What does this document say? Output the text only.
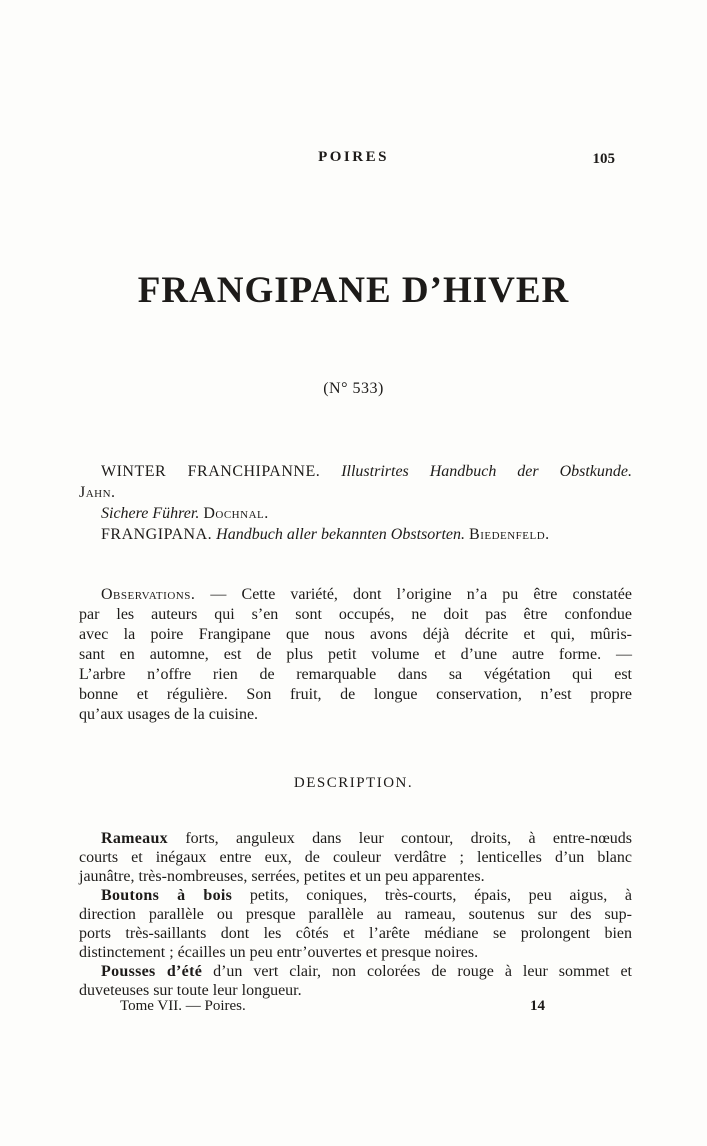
POIRES	105
FRANGIPANE D’HIVER
(N° 533)
WINTER FRANCHIPANNE. Illustrirtes Handbuch der Obstkunde.
Jahn.
Sichere Führer. Dochnal.
FRANGIPANA. Handbuch aller bekannten Obstsorten. Biedenfeld.
Observations. — Cette variété, dont l’origine n’a pu être constatée
par les auteurs qui s’en sont occupés, ne doit pas être confondue
avec la poire Frangipane que nous avons déjà décrite et qui, mûris-
sant en automne, est de plus petit volume et d’une autre forme. —
L’arbre n’offre rien de remarquable dans sa végétation qui est
bonne et régulière. Son fruit, de longue conservation, n’est propre
qu’aux usages de la cuisine.
DESCRIPTION.
Rameaux forts, anguleux dans leur contour, droits, à entre-nœuds
courts et inégaux entre eux, de couleur verdâtre ; lenticelles d’un blanc
jaunâtre, très-nombreuses, serrées, petites et un peu apparentes.
Boutons à bois petits, coniques, très-courts, épais, peu aigus, à
direction parallèle ou presque parallèle au rameau, soutenus sur des sup-
ports très-saillants dont les côtés et l’arête médiane se prolongent bien
distinctement ; écailles un peu entr’ouvertes et presque noires.
Pousses d’été d’un vert clair, non colorées de rouge à leur sommet et
duveteuses sur toute leur longueur.
Tome VII. — Poires.	14
